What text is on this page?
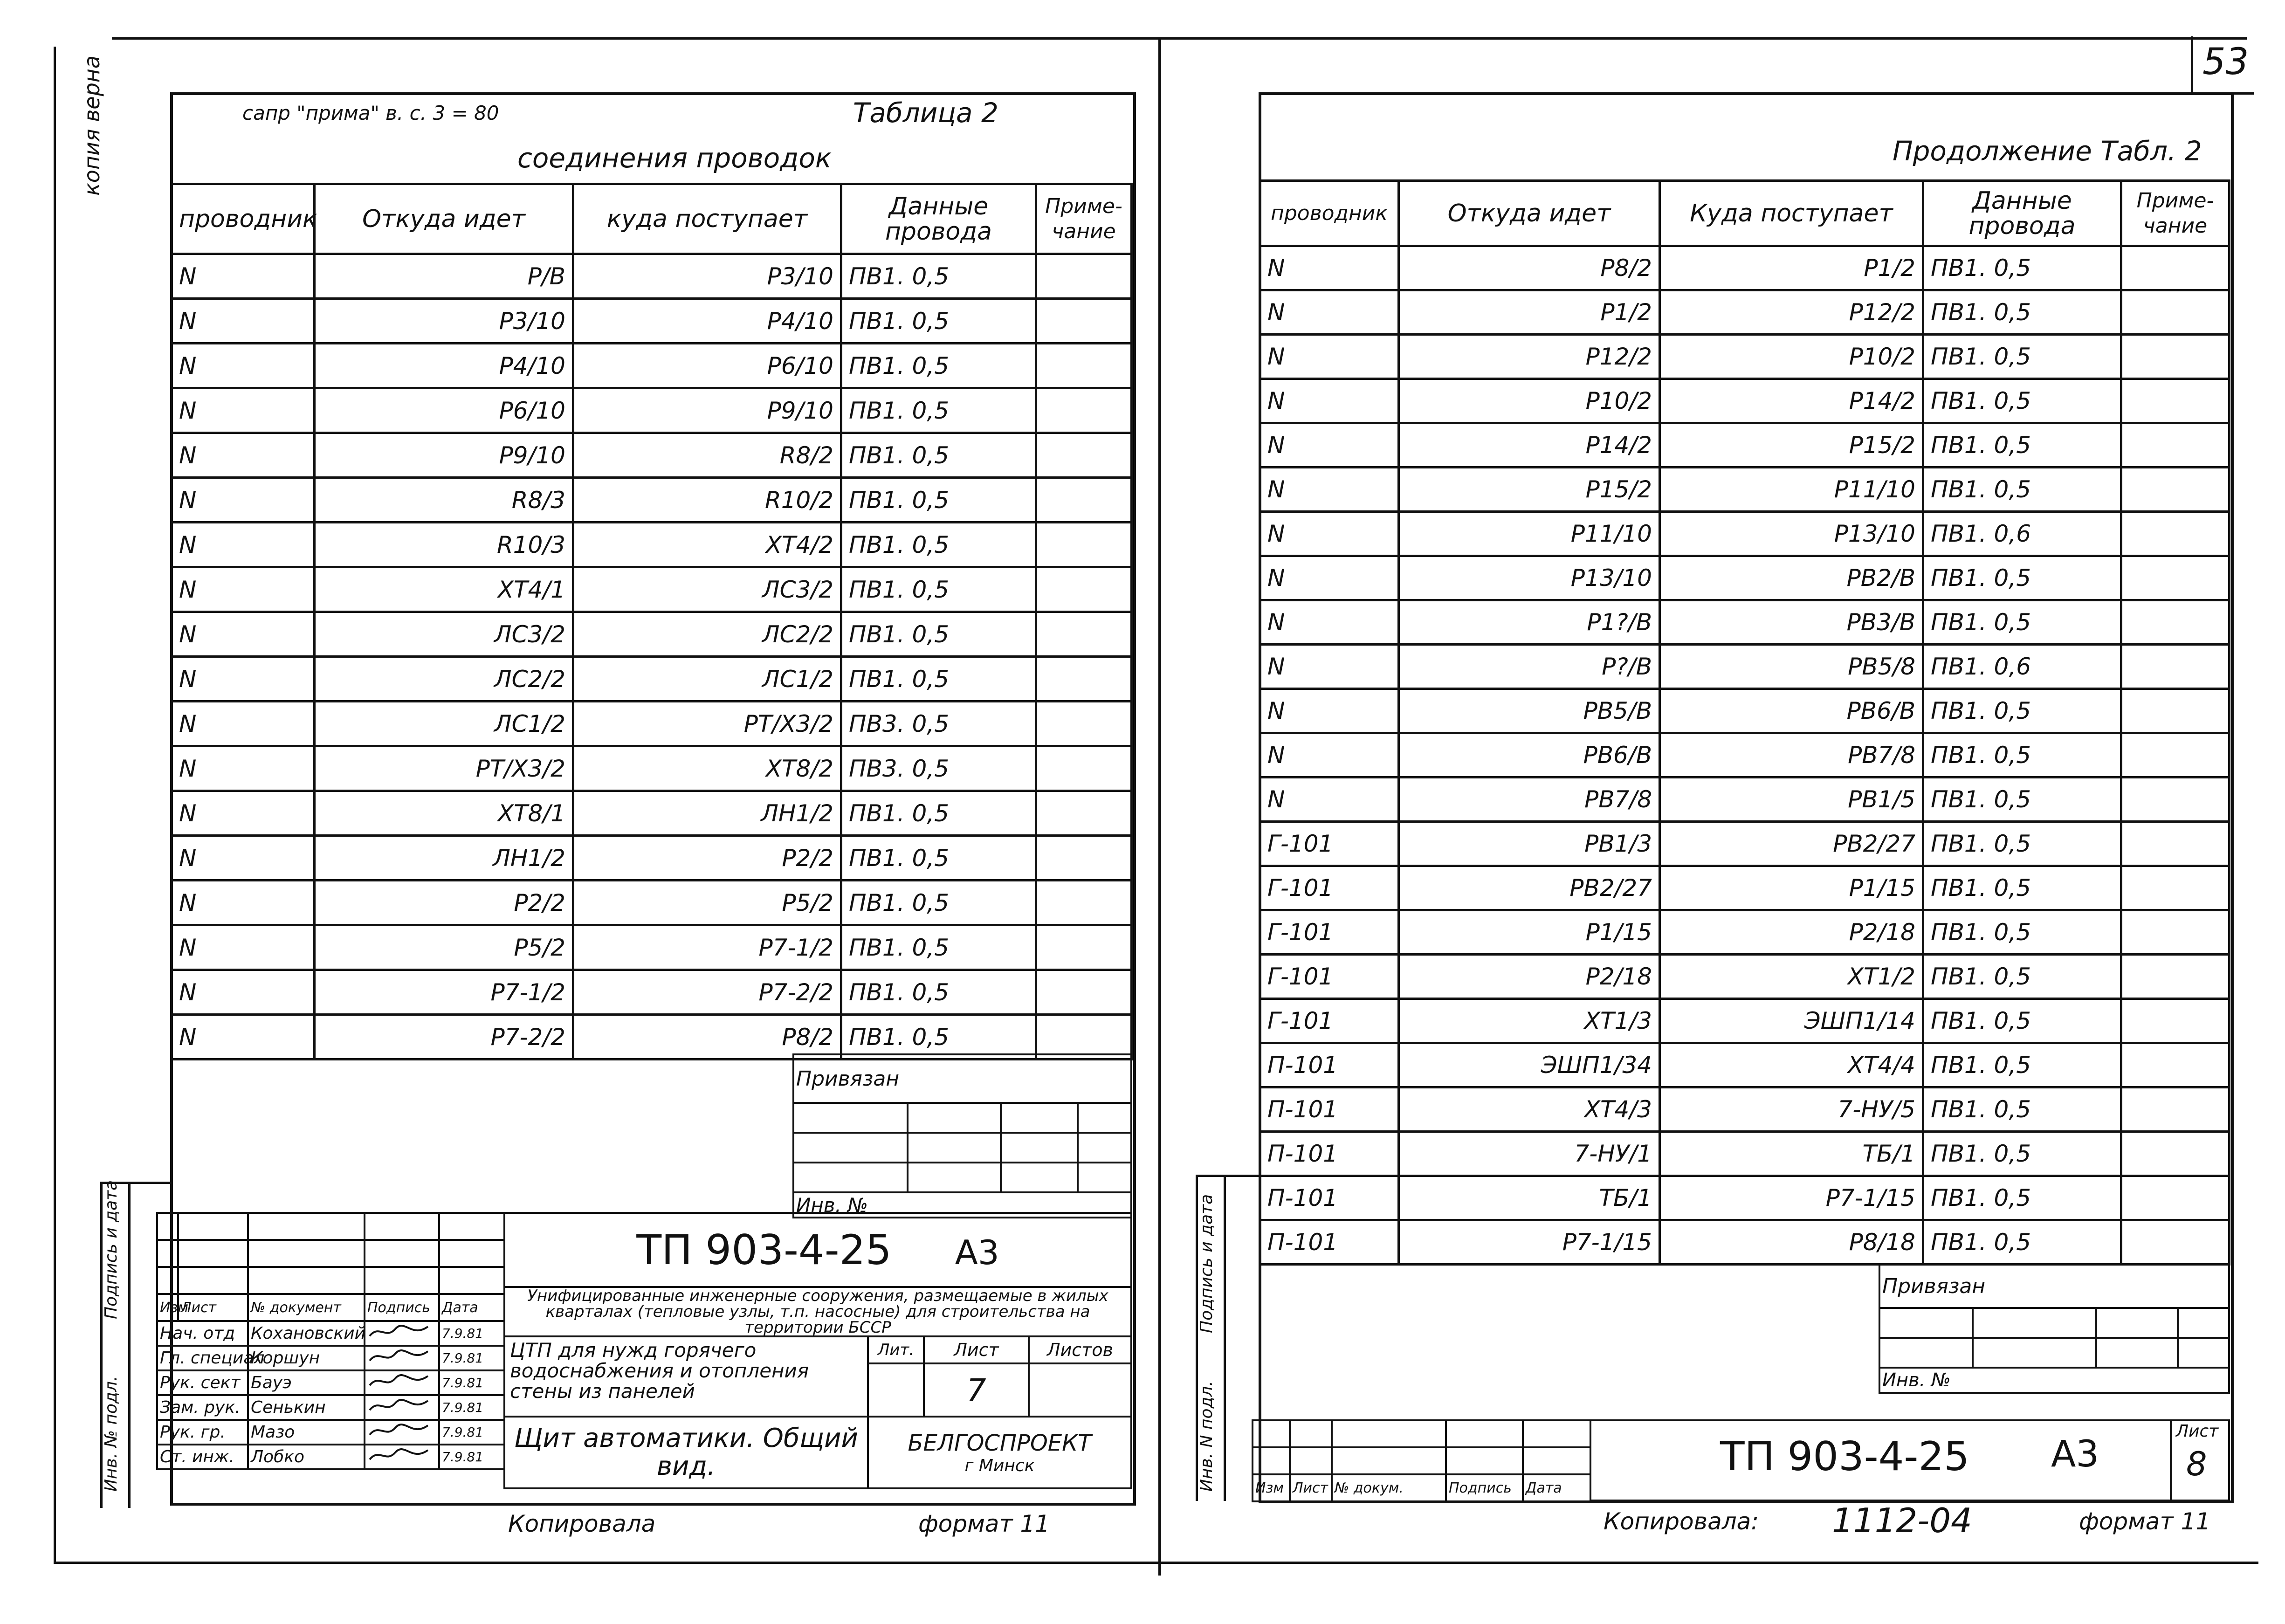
копия верна	53
сапр "прима" в. с. 3 = 80	Таблица 2
соединения проводок
проводник	Откуда идет	куда поступает	Данные провода	Приме- чание
N	P/B	P3/10	ПВ1. 0,5	
N	P3/10	P4/10	ПВ1. 0,5	
N	P4/10	P6/10	ПВ1. 0,5	
N	P6/10	P9/10	ПВ1. 0,5	
N	P9/10	R8/2	ПВ1. 0,5	
N	R8/3	R10/2	ПВ1. 0,5	
N	R10/3	XT4/2	ПВ1. 0,5	
N	XT4/1	ЛС3/2	ПВ1. 0,5	
N	ЛС3/2	ЛС2/2	ПВ1. 0,5	
N	ЛС2/2	ЛС1/2	ПВ1. 0,5	
N	ЛС1/2	PT/X3/2	ПВ3. 0,5	
N	PT/X3/2	XT8/2	ПВ3. 0,5	
N	XT8/1	ЛН1/2	ПВ1. 0,5	
N	ЛН1/2	P2/2	ПВ1. 0,5	
N	P2/2	P5/2	ПВ1. 0,5	
N	P5/2	P7-1/2	ПВ1. 0,5	
N	P7-1/2	P7-2/2	ПВ1. 0,5	
N	P7-2/2	P8/2	ПВ1. 0,5	
Привязан			

Инв. №			
Инв. № подл.
Подпись и дата

					Изм	Лист	№ документ	Подпись	Дата
Нач. отд		Кохановский		7.9.81
Гл. специал		Коршун		7.9.81
Рук. сект		Бауэ		7.9.81
Зам. рук.		Сенькин		7.9.81
Рук. гр.		Мазо		7.9.81
Ст. инж.		Лобко		7.9.81
ТП 903-4-25 А3			
Унифицированные инженерные сооружения, размещаемые в жилых кварталах (тепловые узлы, т.п. насосные) для строительства на территории БССР			
ЦТП для нужд горячего водоснабжения и отопления стены из панелей	Лит.	Лист	Листов
		7	
Щит автоматики. Общий вид.	БЕЛГОСПРОЕКТ
г Минск		
Копировала	формат 11
Продолжение Табл. 2
проводник	Откуда идет	Куда поступает	Данные провода	Приме- чание
N	P8/2	P1/2	ПВ1. 0,5	
N	P1/2	P12/2	ПВ1. 0,5	
N	P12/2	P10/2	ПВ1. 0,5	
N	P10/2	P14/2	ПВ1. 0,5	
N	P14/2	P15/2	ПВ1. 0,5	
N	P15/2	P11/10	ПВ1. 0,5	
N	P11/10	P13/10	ПВ1. 0,6	
N	P13/10	PB2/B	ПВ1. 0,5	
N	P1?/B	PB3/B	ПВ1. 0,5	
N	P?/B	PB5/8	ПВ1. 0,6	
N	PB5/B	PB6/B	ПВ1. 0,5	
N	PB6/B	PB7/8	ПВ1. 0,5	
N	PB7/8	PB1/5	ПВ1. 0,5	
Г-101	PB1/3	PB2/27	ПВ1. 0,5	
Г-101	PB2/27	P1/15	ПВ1. 0,5	
Г-101	P1/15	P2/18	ПВ1. 0,5	
Г-101	P2/18	XT1/2	ПВ1. 0,5	
Г-101	XT1/3	ЭШП1/14	ПВ1. 0,5	
П-101	ЭШП1/34	XT4/4	ПВ1. 0,5	
П-101	XT4/3	7-НУ/5	ПВ1. 0,5	
П-101	7-НУ/1	ТБ/1	ПВ1. 0,5	
П-101	ТБ/1	P7-1/15	ПВ1. 0,5	
П-101	P7-1/15	P8/18	ПВ1. 0,5	
Привязан			

Инв. №			
Инв. N подл.
Подпись и дата

Изм	Лист	№ докум.	Подпись	Дата
ТП 903-4-25 А3
Лист
8
Копировала: 1112-04	формат 11
